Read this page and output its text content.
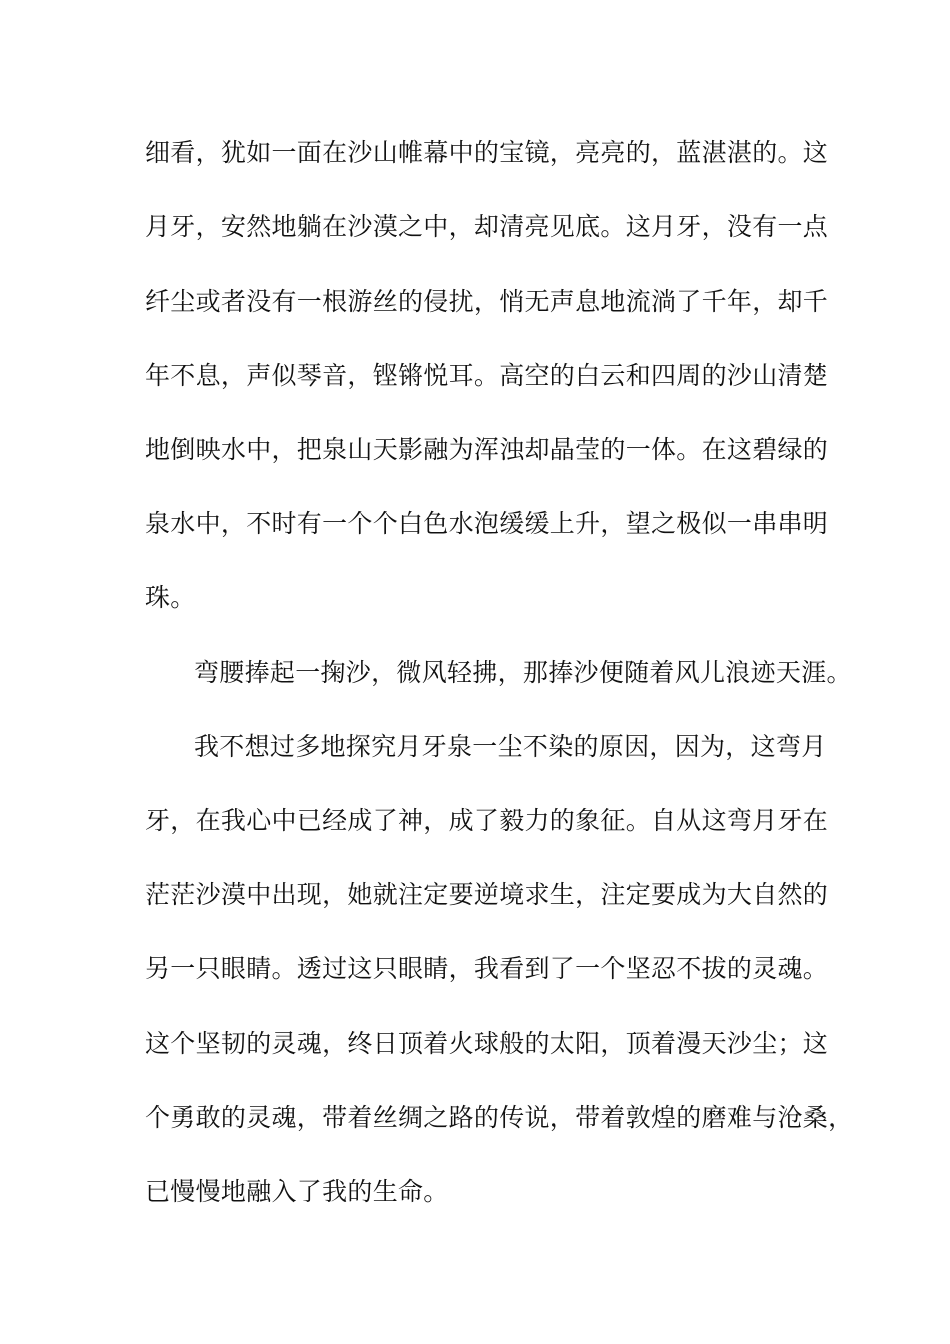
细看，犹如一面在沙山帷幕中的宝镜，亮亮的，蓝湛湛的。这
月牙，安然地躺在沙漠之中，却清亮见底。这月牙，没有一点
纤尘或者没有一根游丝的侵扰，悄无声息地流淌了千年，却千
年不息，声似琴音，铿锵悦耳。高空的白云和四周的沙山清楚
地倒映水中，把泉山天影融为浑浊却晶莹的一体。在这碧绿的
泉水中，不时有一个个白色水泡缓缓上升，望之极似一串串明
珠。
弯腰捧起一掬沙，微风轻拂，那捧沙便随着风儿浪迹天涯。
我不想过多地探究月牙泉一尘不染的原因，因为，这弯月
牙，在我心中已经成了神，成了毅力的象征。自从这弯月牙在
茫茫沙漠中出现，她就注定要逆境求生，注定要成为大自然的
另一只眼睛。透过这只眼睛，我看到了一个坚忍不拔的灵魂。
这个坚韧的灵魂，终日顶着火球般的太阳，顶着漫天沙尘；这
个勇敢的灵魂，带着丝绸之路的传说，带着敦煌的磨难与沧桑，
已慢慢地融入了我的生命。
